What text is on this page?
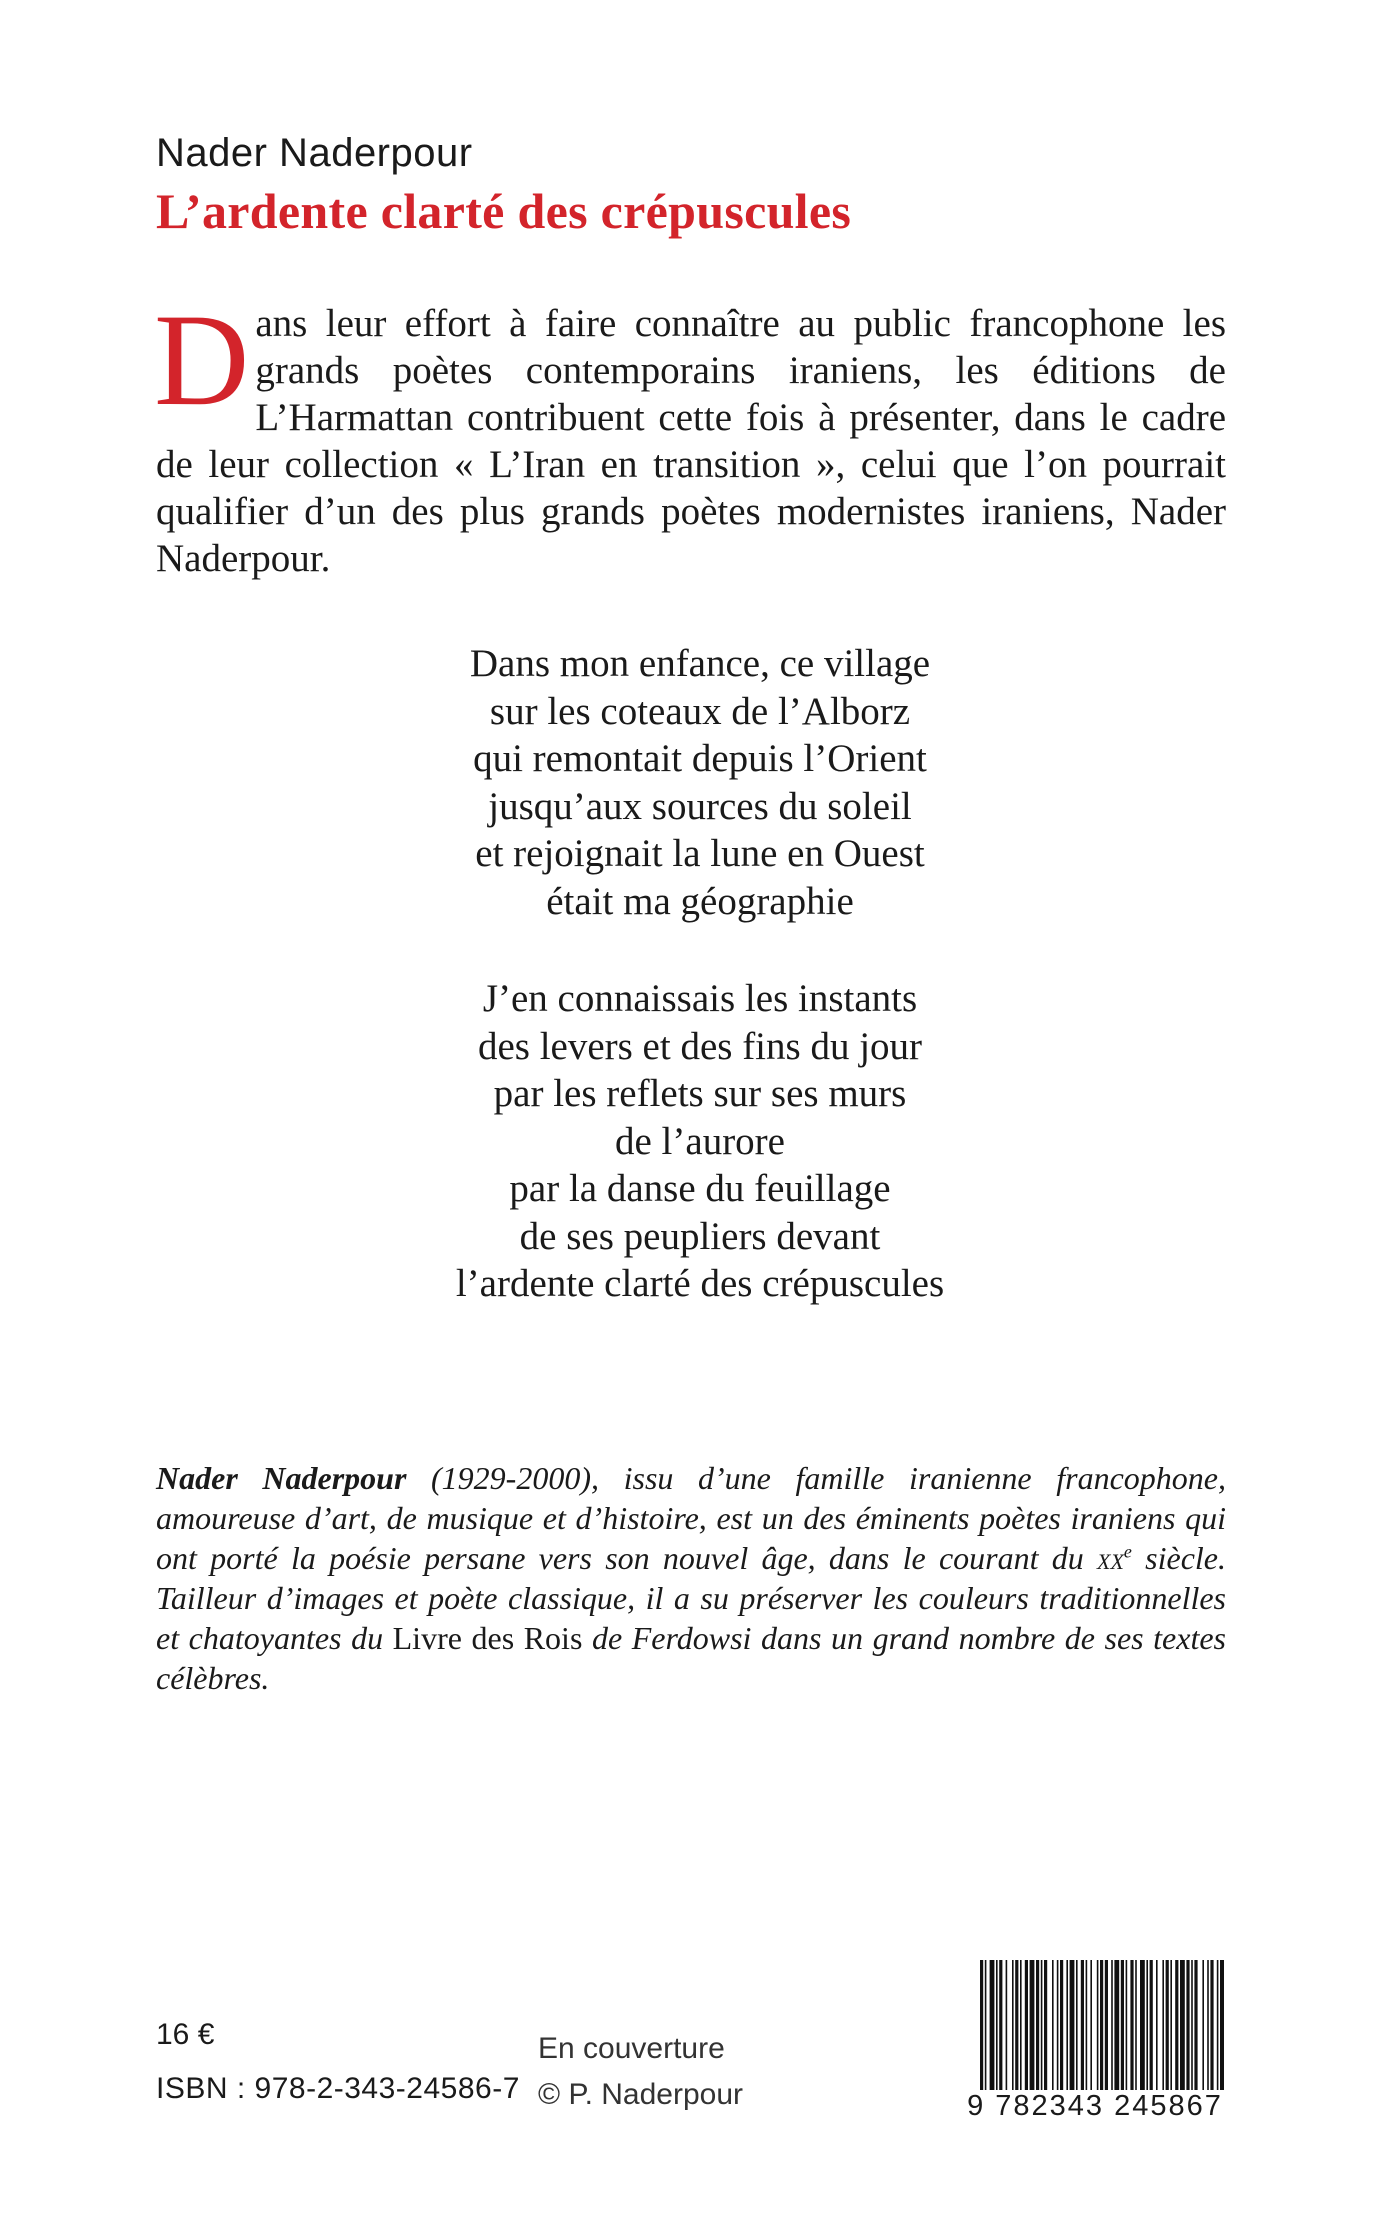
Nader Naderpour
L’ardente clarté des crépuscules
Dans leur effort à faire connaître au public francophone les grands poètes contemporains iraniens, les éditions de L’Harmattan contribuent cette fois à présenter, dans le cadre de leur collection « L’Iran en transition », celui que l’on pourrait qualifier d’un des plus grands poètes modernistes iraniens, Nader Naderpour.
Dans mon enfance, ce village
sur les coteaux de l’Alborz
qui remontait depuis l’Orient
jusqu’aux sources du soleil
et rejoignait la lune en Ouest
était ma géographie
J’en connaissais les instants
des levers et des fins du jour
par les reflets sur ses murs
de l’aurore
par la danse du feuillage
de ses peupliers devant
l’ardente clarté des crépuscules
Nader Naderpour (1929-2000), issu d’une famille iranienne francophone, amoureuse d’art, de musique et d’histoire, est un des éminents poètes iraniens qui ont porté la poésie persane vers son nouvel âge, dans le courant du $xx^e$ siècle. Tailleur d’images et poète classique, il a su préserver les couleurs traditionnelles et chatoyantes du Livre des Rois de Ferdowsi dans un grand nombre de ses textes célèbres.
16 €
ISBN : 978-2-343-24586-7
En couverture
© P. Naderpour	9 782343 245867
